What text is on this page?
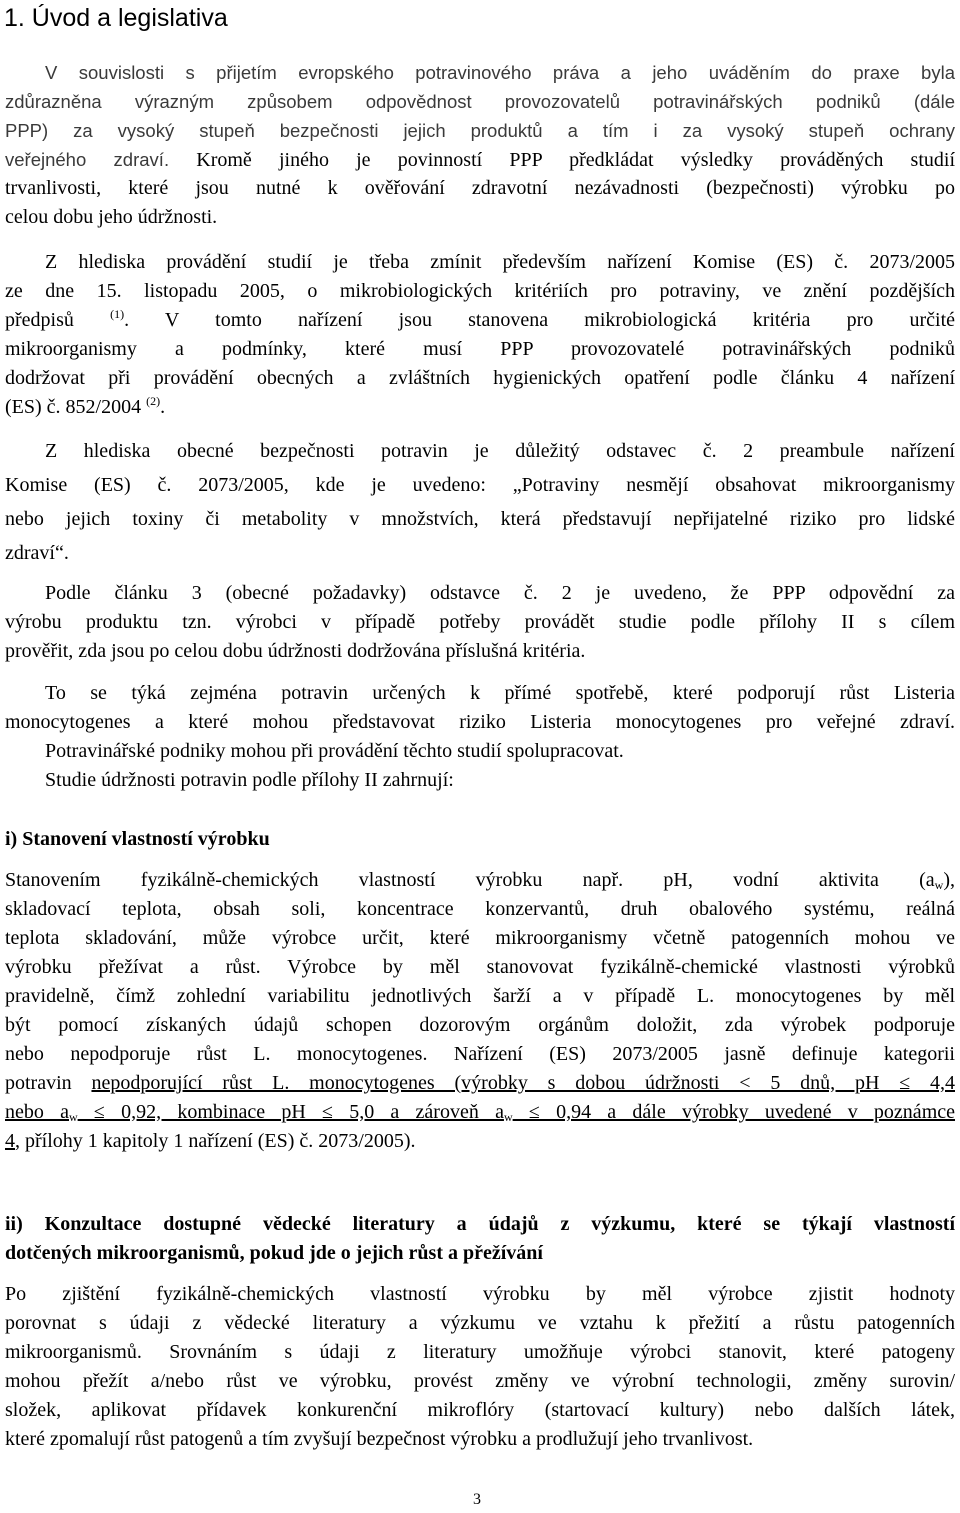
1. Úvod a legislativa
V souvislosti s přijetím evropského potravinového práva a jeho uváděním do praxe byla
zdůrazněna výrazným způsobem odpovědnost provozovatelů potravinářských podniků (dále
PPP) za vysoký stupeň bezpečnosti jejich produktů a tím i za vysoký stupeň ochrany
veřejného zdraví. Kromě jiného je povinností PPP předkládat výsledky prováděných studií
trvanlivosti, které jsou nutné k ověřování zdravotní nezávadnosti (bezpečnosti) výrobku po
celou dobu jeho údržnosti.
Z hlediska provádění studií je třeba zmínit především nařízení Komise (ES) č. 2073/2005
ze dne 15. listopadu 2005, o mikrobiologických kritériích pro potraviny, ve znění pozdějších
předpisů	$^{(1)}$. V tomto nařízení jsou stanovena mikrobiologická kritéria pro určité
mikroorganismy a podmínky, které musí PPP provozovatelé potravinářských podniků
dodržovat při provádění obecných a zvláštních hygienických opatření podle článku 4 nařízení
(ES) č. 852/2004 $^{(2)}$.
Z hlediska obecné bezpečnosti potravin je důležitý odstavec č. 2 preambule nařízení
Komise (ES) č. 2073/2005, kde je uvedeno: „Potraviny nesmějí obsahovat mikroorganismy
nebo jejich toxiny či metabolity v množstvích, která představují nepřijatelné riziko pro lidské
zdraví“.
Podle článku 3 (obecné požadavky) odstavce č. 2 je uvedeno, že PPP odpovědní za
výrobu produktu tzn. výrobci v případě potřeby provádět studie podle přílohy II s cílem
prověřit, zda jsou po celou dobu údržnosti dodržována příslušná kritéria.
To se týká zejména potravin určených k přímé spotřebě, které podporují růst Listeria
monocytogenes a které mohou představovat riziko Listeria monocytogenes pro veřejné zdraví.
Potravinářské podniky mohou při provádění těchto studií spolupracovat.
Studie údržnosti potravin podle přílohy II zahrnují:
i) Stanovení vlastností výrobku
Stanovením fyzikálně-chemických vlastností výrobku např. pH, vodní aktivita $(a_w)$,
skladovací teplota, obsah soli, koncentrace konzervantů, druh obalového systému, reálná
teplota skladování, může výrobce určit, které mikroorganismy včetně patogenních mohou ve
výrobku přežívat a růst. Výrobce by měl stanovovat fyzikálně-chemické vlastnosti výrobků
pravidelně, čímž zohlední variabilitu jednotlivých šarží a v případě L. monocytogenes by měl
být pomocí získaných údajů schopen dozorovým orgánům doložit, zda výrobek podporuje
nebo nepodporuje růst L. monocytogenes. Nařízení (ES) 2073/2005 jasně definuje kategorii
potravin nepodporující růst L. monocytogenes (výrobky s dobou údržnosti < 5 dnů, pH ≤ 4,4
nebo $a_w \le 0,92$, kombinace pH ≤ 5,0 a zároveň $a_w \le 0,94$ a dále výrobky uvedené v poznámce
4, přílohy 1 kapitoly 1 nařízení (ES) č. 2073/2005).
ii) Konzultace dostupné vědecké literatury a údajů z výzkumu, které se týkají vlastností
dotčených mikroorganismů, pokud jde o jejich růst a přežívání
Po zjištění fyzikálně-chemických vlastností výrobku by měl výrobce zjistit hodnoty
porovnat s údaji z vědecké literatury a výzkumu ve vztahu k přežití a růstu patogenních
mikroorganismů. Srovnáním s údaji z literatury umožňuje výrobci stanovit, které patogeny
mohou přežít a/nebo růst ve výrobku, provést změny ve výrobní technologii, změny surovin/
složek, aplikovat přídavek konkurenční mikroflóry (startovací kultury) nebo dalších látek,
které zpomalují růst patogenů a tím zvyšují bezpečnost výrobku a prodlužují jeho trvanlivost.
3
